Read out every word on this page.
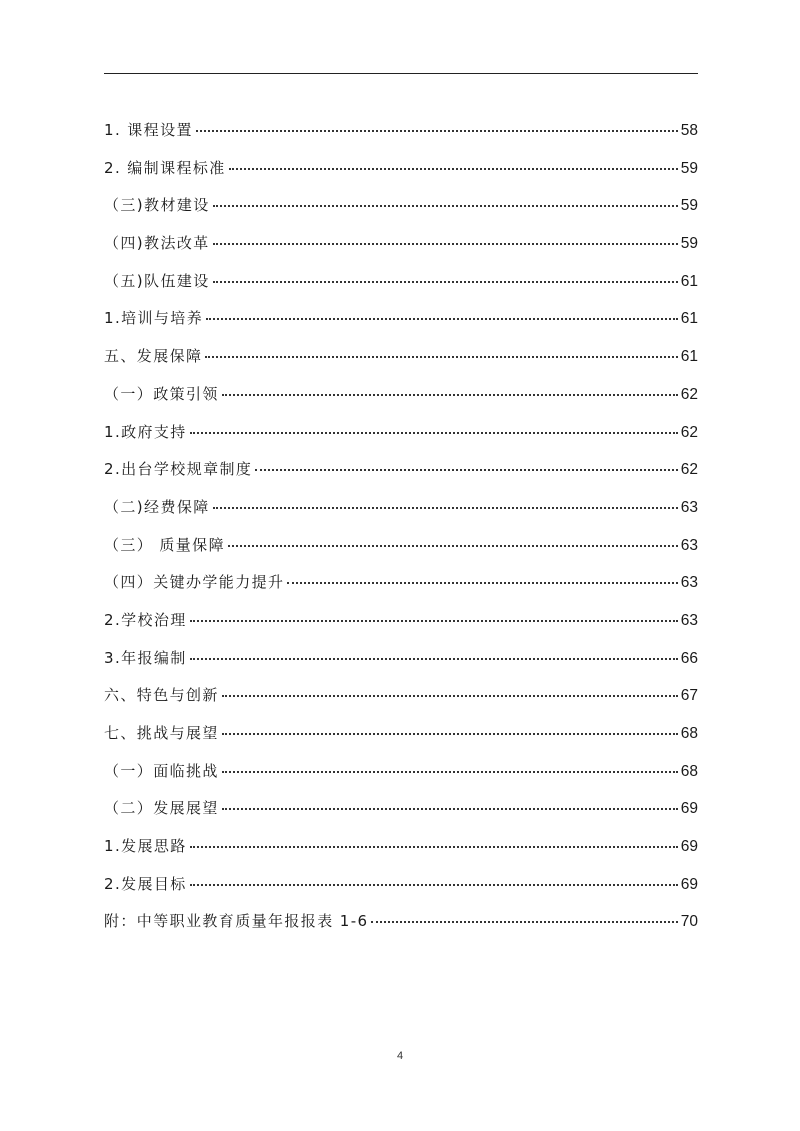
1. 课程设置	58
2. 编制课程标准	59
（三)教材建设	59
（四)教法改革	59
（五)队伍建设	61
1.培训与培养	61
五、发展保障	61
（一）政策引领	62
1.政府支持	62
2.出台学校规章制度	62
（二)经费保障	63
（三） 质量保障	63
（四）关键办学能力提升	63
2.学校治理	63
3.年报编制	66
六、特色与创新	67
七、挑战与展望	68
（一）面临挑战	68
（二）发展展望	69
1.发展思路	69
2.发展目标	69
附：中等职业教育质量年报报表 1-6	70
4
